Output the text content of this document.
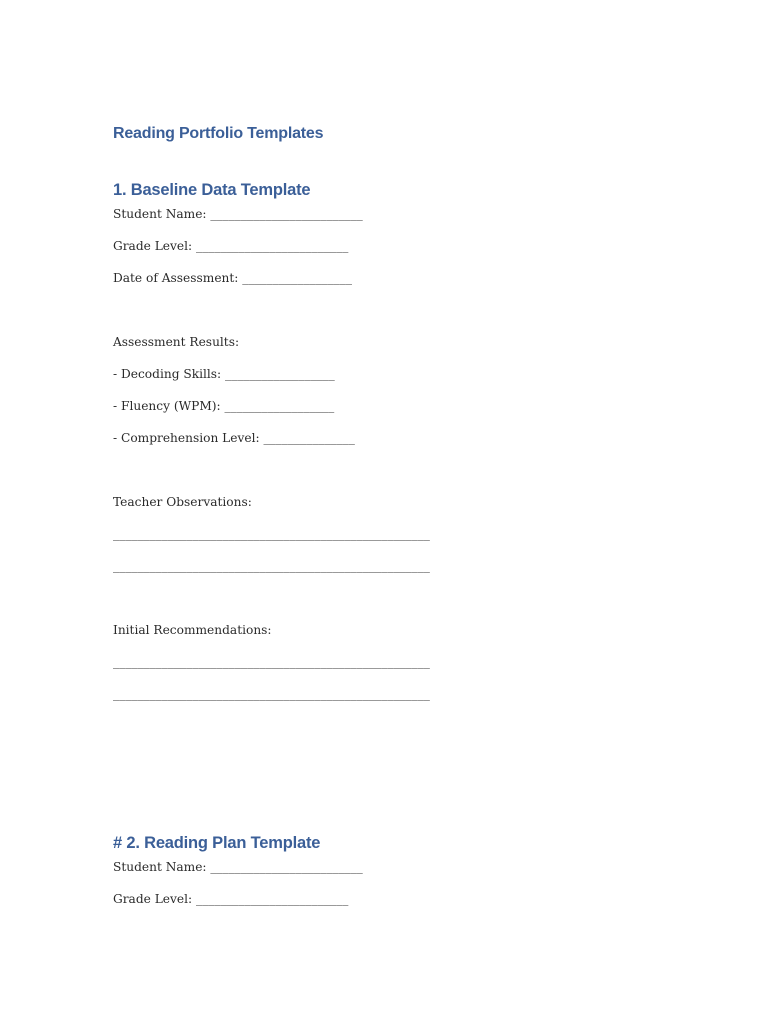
Reading Portfolio Templates
1. Baseline Data Template
Student Name: _________________________
Grade Level: _________________________
Date of Assessment: __________________
Assessment Results:
- Decoding Skills: __________________
- Fluency (WPM): __________________
- Comprehension Level: _______________
Teacher Observations:
____________________________________________________
____________________________________________________
Initial Recommendations:
____________________________________________________
____________________________________________________
# 2. Reading Plan Template
Student Name: _________________________
Grade Level: _________________________
